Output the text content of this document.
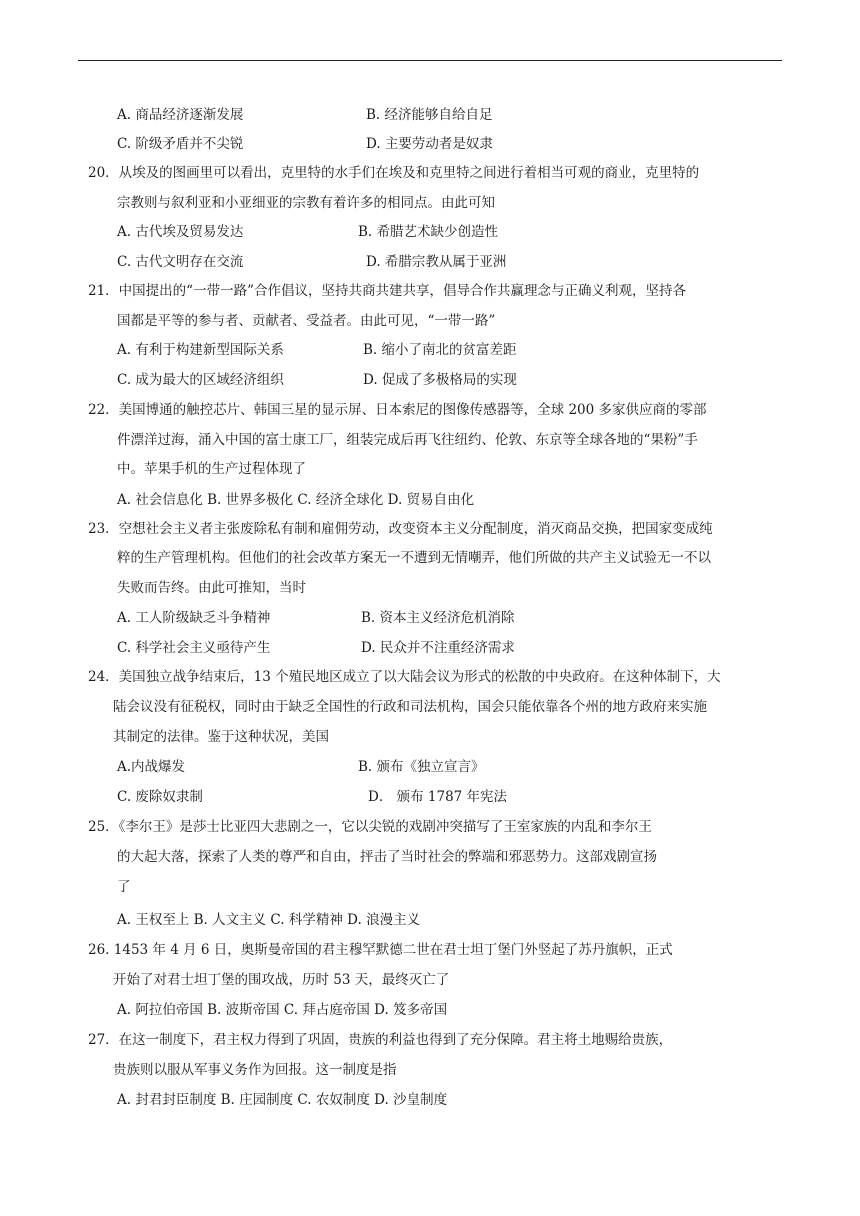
A. 商品经济逐渐发展	B. 经济能够自给自足
C. 阶级矛盾并不尖锐	D. 主要劳动者是奴隶
20．从埃及的图画里可以看出，克里特的水手们在埃及和克里特之间进行着相当可观的商业，克里特的
宗教则与叙利亚和小亚细亚的宗教有着许多的相同点。由此可知
A. 古代埃及贸易发达	B. 希腊艺术缺少创造性
C. 古代文明存在交流	D. 希腊宗教从属于亚洲
21．中国提出的“一带一路”合作倡议，坚持共商共建共享，倡导合作共赢理念与正确义利观，坚持各
国都是平等的参与者、贡献者、受益者。由此可见，“一带一路”
A. 有利于构建新型国际关系	B. 缩小了南北的贫富差距
C. 成为最大的区域经济组织	D. 促成了多极格局的实现
22．美国博通的触控芯片、韩国三星的显示屏、日本索尼的图像传感器等，全球 200 多家供应商的零部
件漂洋过海，涌入中国的富士康工厂，组装完成后再飞往纽约、伦敦、东京等全球各地的“果粉”手
中。苹果手机的生产过程体现了
A. 社会信息化 B. 世界多极化 C. 经济全球化 D. 贸易自由化
23．空想社会主义者主张废除私有制和雇佣劳动，改变资本主义分配制度，消灭商品交换，把国家变成纯
粹的生产管理机构。但他们的社会改革方案无一不遭到无情嘲弄，他们所做的共产主义试验无一不以
失败而告终。由此可推知，当时
A. 工人阶级缺乏斗争精神	B. 资本主义经济危机消除
C. 科学社会主义亟待产生	D. 民众并不注重经济需求
24．美国独立战争结束后，13 个殖民地区成立了以大陆会议为形式的松散的中央政府。在这种体制下，大
陆会议没有征税权，同时由于缺乏全国性的行政和司法机构，国会只能依靠各个州的地方政府来实施
其制定的法律。鉴于这种状况，美国
A.内战爆发	B. 颁布《独立宣言》
C. 废除奴隶制	D． 颁布 1787 年宪法
25．《李尔王》是莎士比亚四大悲剧之一，它以尖锐的戏剧冲突描写了王室家族的内乱和李尔王
的大起大落，探索了人类的尊严和自由，抨击了当时社会的弊端和邪恶势力。这部戏剧宣扬
了
A. 王权至上 B. 人文主义 C. 科学精神 D. 浪漫主义
26. 1453 年 4 月 6 日，奥斯曼帝国的君主穆罕默德二世在君士坦丁堡门外竖起了苏丹旗帜，正式
开始了对君士坦丁堡的围攻战，历时 53 天，最终灭亡了
A. 阿拉伯帝国 B. 波斯帝国 C. 拜占庭帝国 D. 笈多帝国
27．在这一制度下，君主权力得到了巩固，贵族的利益也得到了充分保障。君主将土地赐给贵族，
贵族则以服从军事义务作为回报。这一制度是指
A. 封君封臣制度 B. 庄园制度 C. 农奴制度 D. 沙皇制度
